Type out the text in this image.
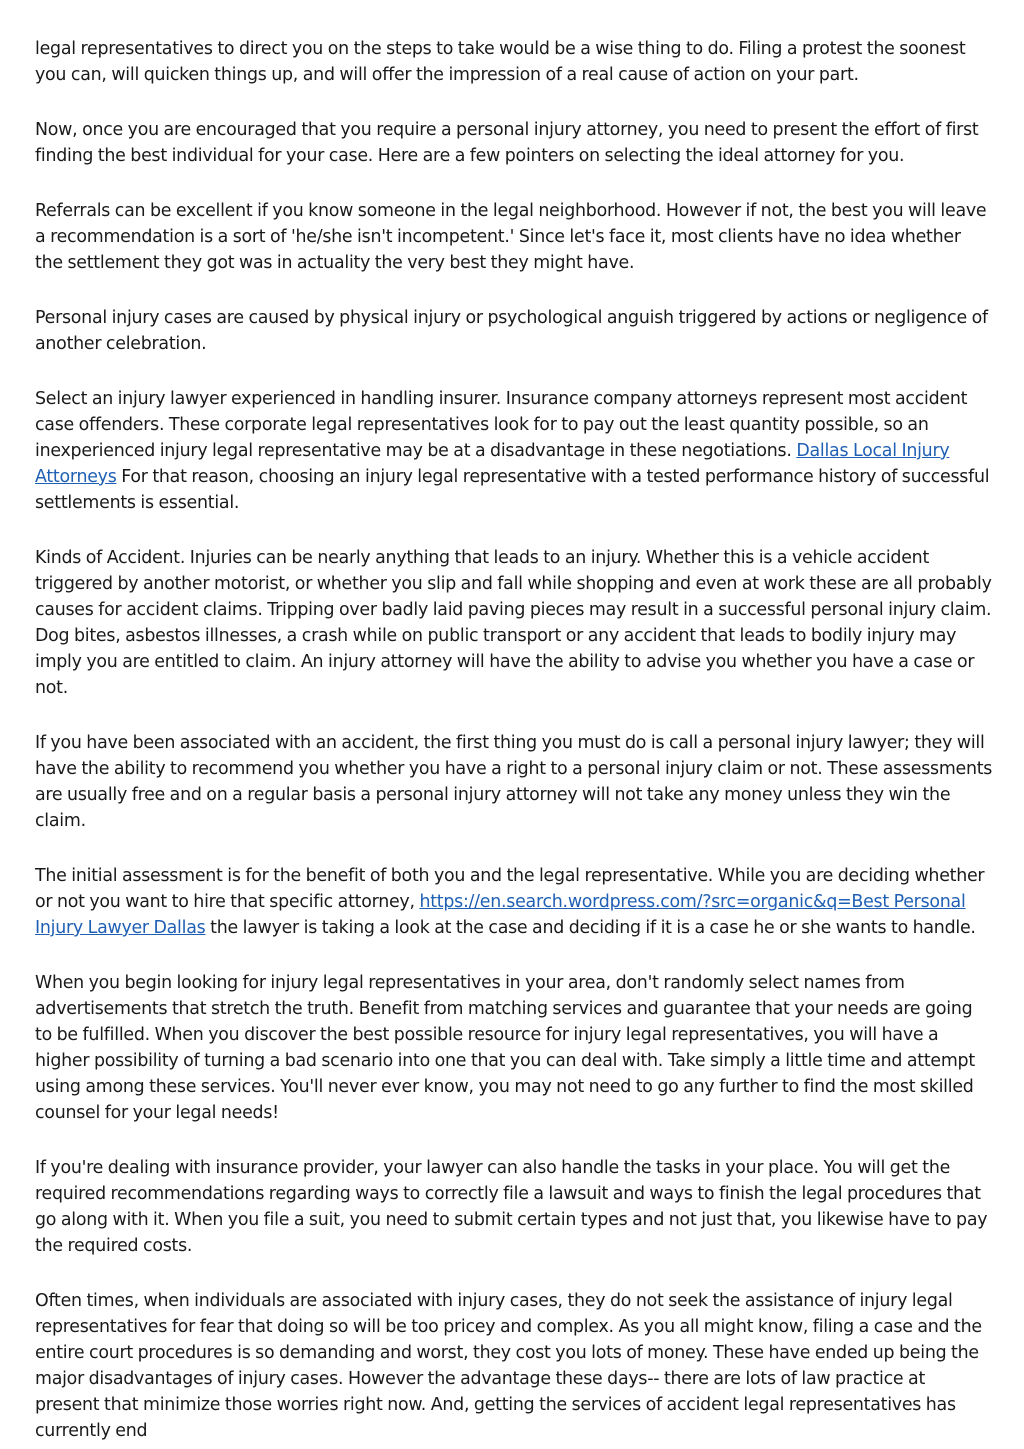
legal representatives to direct you on the steps to take would be a wise thing to do. Filing a protest the soonest you can, will quicken things up, and will offer the impression of a real cause of action on your part.

Now, once you are encouraged that you require a personal injury attorney, you need to present the effort of first finding the best individual for your case. Here are a few pointers on selecting the ideal attorney for you.

Referrals can be excellent if you know someone in the legal neighborhood. However if not, the best you will leave a recommendation is a sort of 'he/she isn't incompetent.' Since let's face it, most clients have no idea whether the settlement they got was in actuality the very best they might have.

Personal injury cases are caused by physical injury or psychological anguish triggered by actions or negligence of another celebration.

Select an injury lawyer experienced in handling insurer. Insurance company attorneys represent most accident case offenders. These corporate legal representatives look for to pay out the least quantity possible, so an inexperienced injury legal representative may be at a disadvantage in these negotiations. Dallas Local Injury Attorneys For that reason, choosing an injury legal representative with a tested performance history of successful settlements is essential.

Kinds of Accident. Injuries can be nearly anything that leads to an injury. Whether this is a vehicle accident triggered by another motorist, or whether you slip and fall while shopping and even at work these are all probably causes for accident claims. Tripping over badly laid paving pieces may result in a successful personal injury claim. Dog bites, asbestos illnesses, a crash while on public transport or any accident that leads to bodily injury may imply you are entitled to claim. An injury attorney will have the ability to advise you whether you have a case or not.

If you have been associated with an accident, the first thing you must do is call a personal injury lawyer; they will have the ability to recommend you whether you have a right to a personal injury claim or not. These assessments are usually free and on a regular basis a personal injury attorney will not take any money unless they win the claim.

The initial assessment is for the benefit of both you and the legal representative. While you are deciding whether or not you want to hire that specific attorney, https://en.search.wordpress.com/?src=organic&q=Best Personal Injury Lawyer Dallas the lawyer is taking a look at the case and deciding if it is a case he or she wants to handle.

When you begin looking for injury legal representatives in your area, don't randomly select names from advertisements that stretch the truth. Benefit from matching services and guarantee that your needs are going to be fulfilled. When you discover the best possible resource for injury legal representatives, you will have a higher possibility of turning a bad scenario into one that you can deal with. Take simply a little time and attempt using among these services. You'll never ever know, you may not need to go any further to find the most skilled counsel for your legal needs!

If you're dealing with insurance provider, your lawyer can also handle the tasks in your place. You will get the required recommendations regarding ways to correctly file a lawsuit and ways to finish the legal procedures that go along with it. When you file a suit, you need to submit certain types and not just that, you likewise have to pay the required costs.

Often times, when individuals are associated with injury cases, they do not seek the assistance of injury legal representatives for fear that doing so will be too pricey and complex. As you all might know, filing a case and the entire court procedures is so demanding and worst, they cost you lots of money. These have ended up being the major disadvantages of injury cases. However the advantage these days-- there are lots of law practice at present that minimize those worries right now. And, getting the services of accident legal representatives has currently end
